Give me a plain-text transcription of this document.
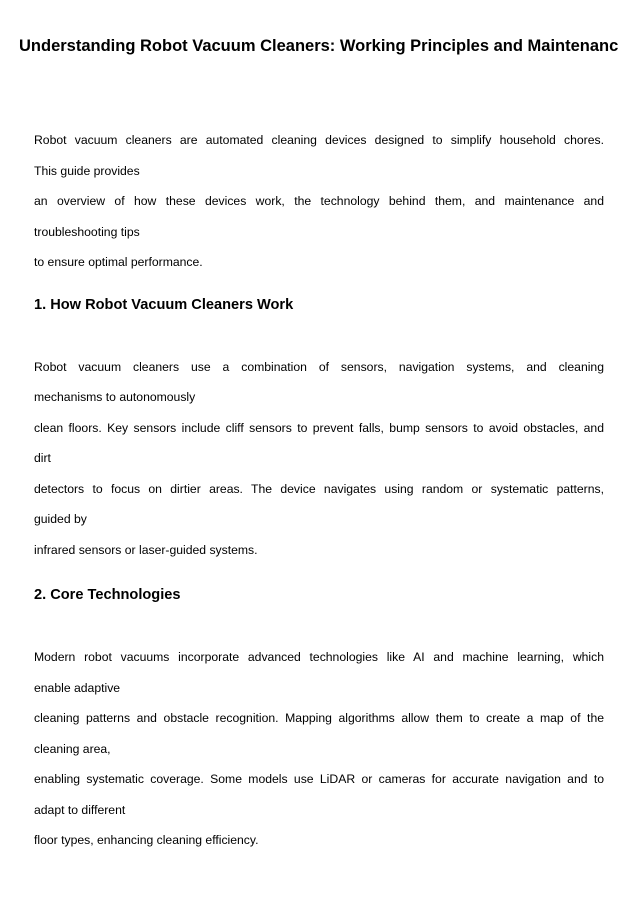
Understanding Robot Vacuum Cleaners: Working Principles and Maintenanc

Robot vacuum cleaners are automated cleaning devices designed to simplify household chores.
This guide provides
an overview of how these devices work, the technology behind them, and maintenance and
troubleshooting tips
to ensure optimal performance.

1. How Robot Vacuum Cleaners Work

Robot vacuum cleaners use a combination of sensors, navigation systems, and cleaning
mechanisms to autonomously
clean floors. Key sensors include cliff sensors to prevent falls, bump sensors to avoid obstacles, and
dirt
detectors to focus on dirtier areas. The device navigates using random or systematic patterns,
guided by
infrared sensors or laser-guided systems.

2. Core Technologies

Modern robot vacuums incorporate advanced technologies like AI and machine learning, which
enable adaptive
cleaning patterns and obstacle recognition. Mapping algorithms allow them to create a map of the
cleaning area,
enabling systematic coverage. Some models use LiDAR or cameras for accurate navigation and to
adapt to different
floor types, enhancing cleaning efficiency.
